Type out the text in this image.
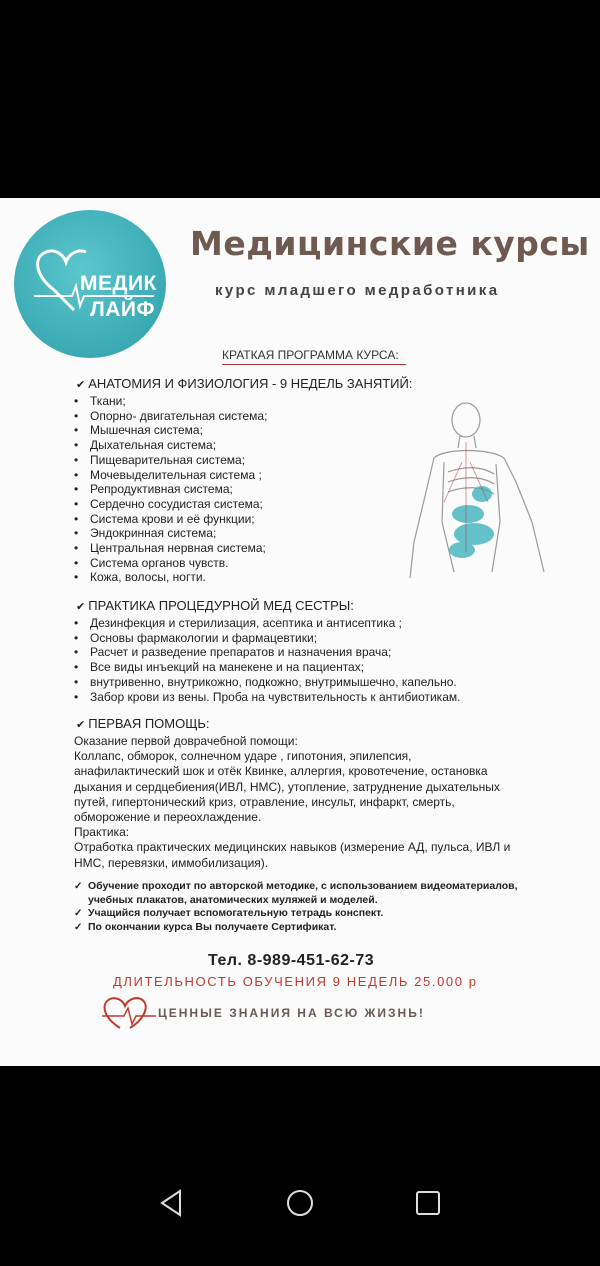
МЕДИК
ЛАЙФ
Медицинские курсы
курс младшего медработника
КРАТКАЯ ПРОГРАММА КУРСА:
✔ АНАТОМИЯ И ФИЗИОЛОГИЯ - 9 НЕДЕЛЬ ЗАНЯТИЙ:
• Ткани;
• Опорно- двигательная система;
• Мышечная система;
• Дыхательная система;
• Пищеварительная система;
• Мочевыделительная система ;
• Репродуктивная система;
• Сердечно сосудистая система;
• Система крови и её функции;
• Эндокринная система;
• Центральная нервная система;
• Система органов чувств.
• Кожа, волосы, ногти.
✔ ПРАКТИКА ПРОЦЕДУРНОЙ МЕД СЕСТРЫ:
• Дезинфекция и стерилизация, асептика и антисептика ;
• Основы фармакологии и фармацевтики;
• Расчет и разведение препаратов и назначения врача;
• Все виды инъекций на манекене и на пациентах;
• внутривенно, внутрикожно, подкожно, внутримышечно, капельно.
• Забор крови из вены. Проба на чувствительность к антибиотикам.
✔ ПЕРВАЯ ПОМОЩЬ:
Оказание первой доврачебной помощи:
Коллапс, обморок, солнечном ударе , гипотония, эпилепсия,
анафилактический шок и отёк Квинке, аллергия, кровотечение, остановка
дыхания и сердцебиения(ИВЛ, НМС), утопление, затруднение дыхательных
путей, гипертонический криз, отравление, инсульт, инфаркт, смерть,
обморожение и переохлаждение.
Практика:
Отработка практических медицинских навыков (измерение АД, пульса, ИВЛ и
НМС, перевязки, иммобилизация).
✓ Обучение проходит по авторской методике, с использованием видеоматериалов, учебных плакатов, анатомических муляжей и моделей.
✓ Учащийся получает вспомогательную тетрадь конспект.
✓ По окончании курса Вы получаете Сертификат.
Тел. 8-989-451-62-73
ДЛИТЕЛЬНОСТЬ ОБУЧЕНИЯ 9 НЕДЕЛЬ 25.000 р
ЦЕННЫЕ ЗНАНИЯ НА ВСЮ ЖИЗНЬ!
